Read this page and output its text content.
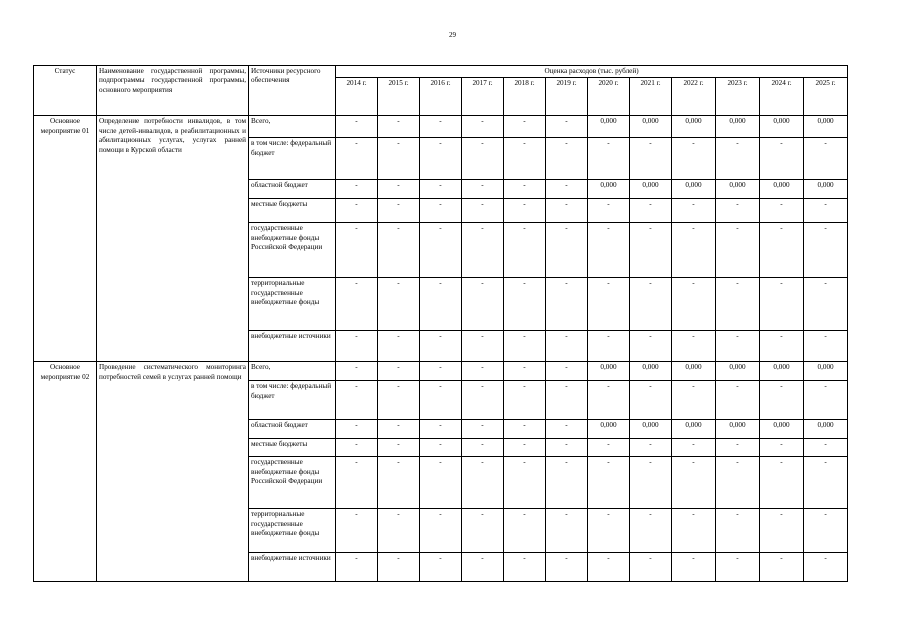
29
Статус	Наименование государственной программы, подпрограммы государственной программы, основного мероприятия	Источники ресурсного обеспечения	Оценка расходов (тыс. рублей)											
			2014 г.	2015 г.	2016 г.	2017 г.	2018 г.	2019 г.	2020 г.	2021 г.	2022 г.	2023 г.	2024 г.	2025 г.
Основное мероприятие 01	Определение потребности инвалидов, в том числе детей-инвалидов, в реабилитационных и абилитационных услугах, услугах ранней помощи в Курской области	Всего,	-	-	-	-	-	-	0,000	0,000	0,000	0,000	0,000	0,000
		в том числе: федеральный бюджет	-	-	-	-	-	-	-	-	-	-	-	-
		областной бюджет	-	-	-	-	-	-	0,000	0,000	0,000	0,000	0,000	0,000
		местные бюджеты	-	-	-	-	-	-	-	-	-	-	-	-
		государственные внебюджетные фонды Российской Федерации	-	-	-	-	-	-	-	-	-	-	-	-
		территориальные государственные внебюджетные фонды	-	-	-	-	-	-	-	-	-	-	-	-
		внебюджетные источники	-	-	-	-	-	-	-	-	-	-	-	-
Основное мероприятие 02	Проведение систематического мониторинга потребностей семей в услугах ранней помощи	Всего,	-	-	-	-	-	-	0,000	0,000	0,000	0,000	0,000	0,000
		в том числе: федеральный бюджет	-	-	-	-	-	-	-	-	-	-	-	-
		областной бюджет	-	-	-	-	-	-	0,000	0,000	0,000	0,000	0,000	0,000
		местные бюджеты	-	-	-	-	-	-	-	-	-	-	-	-
		государственные внебюджетные фонды Российской Федерации	-	-	-	-	-	-	-	-	-	-	-	-
		территориальные государственные внебюджетные фонды	-	-	-	-	-	-	-	-	-	-	-	-
		внебюджетные источники	-	-	-	-	-	-	-	-	-	-	-	-
